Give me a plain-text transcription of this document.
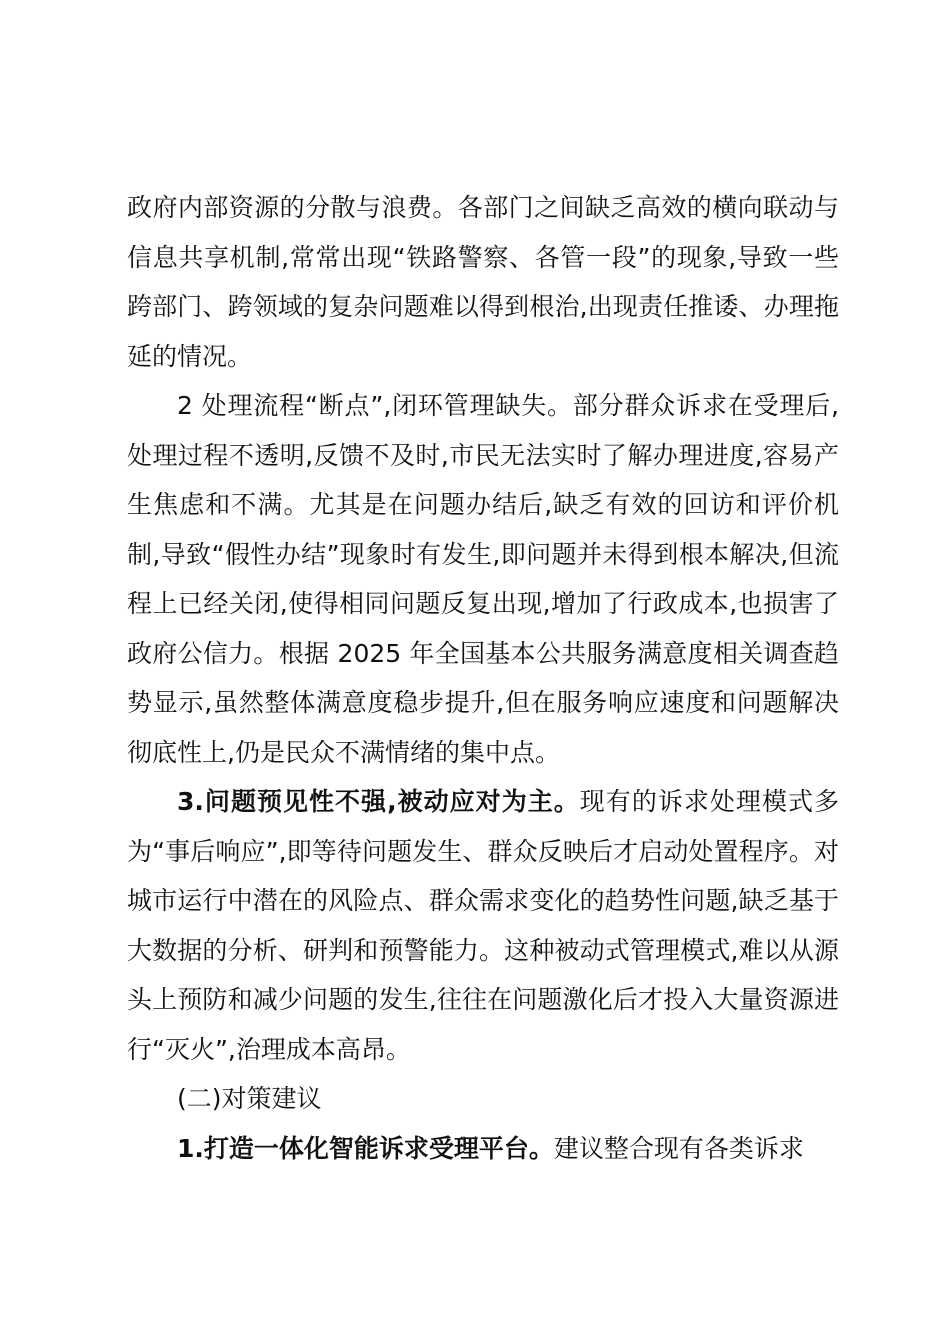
政府内部资源的分散与浪费。各部门之间缺乏高效的横向联动与信息共享机制,常常出现“铁路警察、各管一段”的现象,导致一些跨部门、跨领域的复杂问题难以得到根治,出现责任推诿、办理拖延的情况。

2 处理流程“断点”,闭环管理缺失。部分群众诉求在受理后,处理过程不透明,反馈不及时,市民无法实时了解办理进度,容易产生焦虑和不满。尤其是在问题办结后,缺乏有效的回访和评价机制,导致“假性办结”现象时有发生,即问题并未得到根本解决,但流程上已经关闭,使得相同问题反复出现,增加了行政成本,也损害了政府公信力。根据 2025 年全国基本公共服务满意度相关调查趋势显示,虽然整体满意度稳步提升,但在服务响应速度和问题解决彻底性上,仍是民众不满情绪的集中点。

3.问题预见性不强,被动应对为主。现有的诉求处理模式多为“事后响应”,即等待问题发生、群众反映后才启动处置程序。对城市运行中潜在的风险点、群众需求变化的趋势性问题,缺乏基于大数据的分析、研判和预警能力。这种被动式管理模式,难以从源头上预防和减少问题的发生,往往在问题激化后才投入大量资源进行“灭火”,治理成本高昂。

(二)对策建议

1.打造一体化智能诉求受理平台。建议整合现有各类诉求
